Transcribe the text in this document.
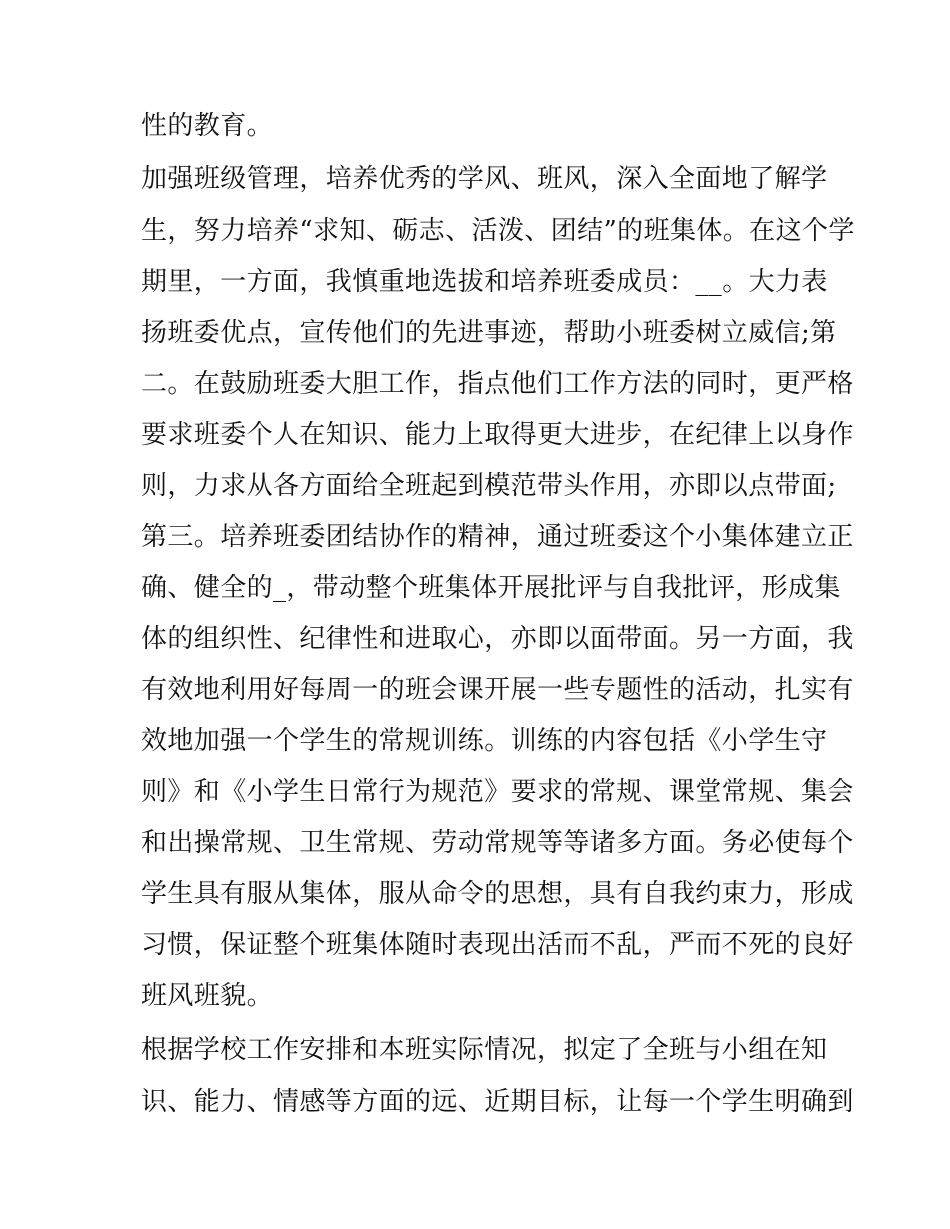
性的教育。
加强班级管理，培养优秀的学风、班风，深入全面地了解学
生，努力培养“求知、砺志、活泼、团结”的班集体。在这个学
期里，一方面，我慎重地选拔和培养班委成员：__。大力表
扬班委优点，宣传他们的先进事迹，帮助小班委树立威信;第
二。在鼓励班委大胆工作，指点他们工作方法的同时，更严格
要求班委个人在知识、能力上取得更大进步，在纪律上以身作
则，力求从各方面给全班起到模范带头作用，亦即以点带面;
第三。培养班委团结协作的精神，通过班委这个小集体建立正
确、健全的_，带动整个班集体开展批评与自我批评，形成集
体的组织性、纪律性和进取心，亦即以面带面。另一方面，我
有效地利用好每周一的班会课开展一些专题性的活动，扎实有
效地加强一个学生的常规训练。训练的内容包括《小学生守
则》和《小学生日常行为规范》要求的常规、课堂常规、集会
和出操常规、卫生常规、劳动常规等等诸多方面。务必使每个
学生具有服从集体，服从命令的思想，具有自我约束力，形成
习惯，保证整个班集体随时表现出活而不乱，严而不死的良好
班风班貌。
根据学校工作安排和本班实际情况，拟定了全班与小组在知
识、能力、情感等方面的远、近期目标，让每一个学生明确到
